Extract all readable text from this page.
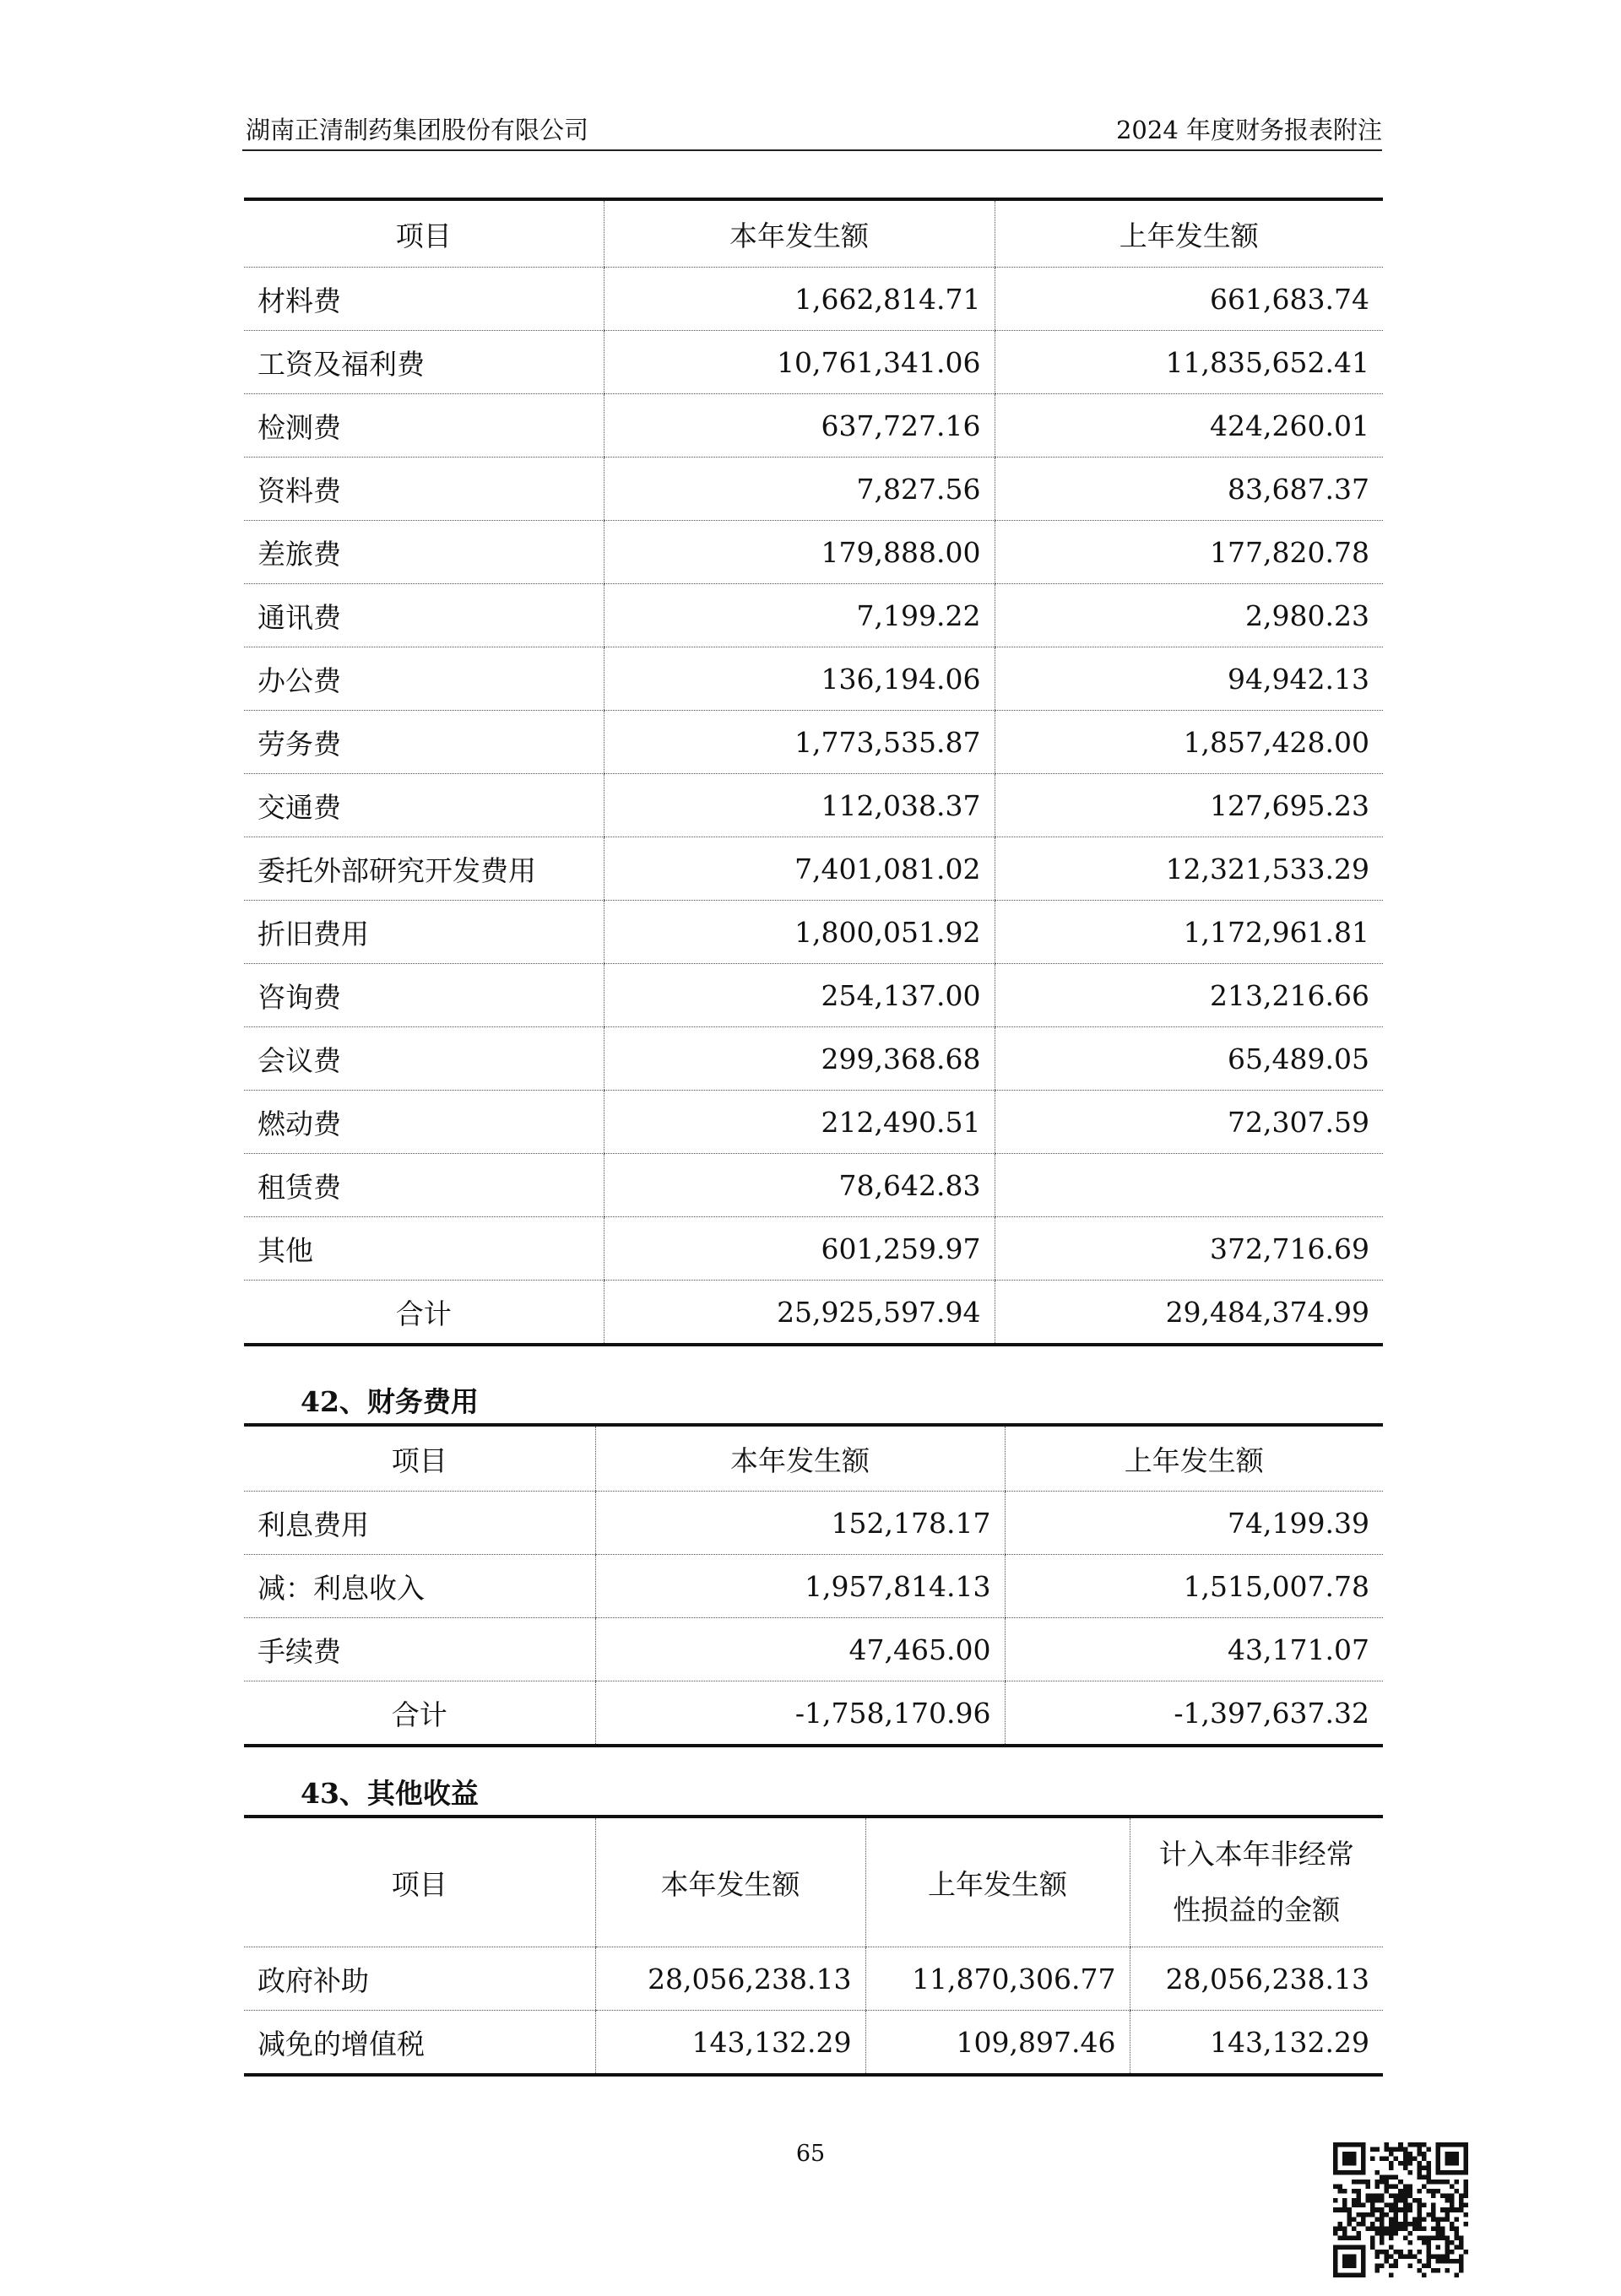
湖南正清制药集团股份有限公司	2024 年度财务报表附注
项目	本年发生额	上年发生额
材料费	1,662,814.71	661,683.74
工资及福利费	10,761,341.06	11,835,652.41
检测费	637,727.16	424,260.01
资料费	7,827.56	83,687.37
差旅费	179,888.00	177,820.78
通讯费	7,199.22	2,980.23
办公费	136,194.06	94,942.13
劳务费	1,773,535.87	1,857,428.00
交通费	112,038.37	127,695.23
委托外部研究开发费用	7,401,081.02	12,321,533.29
折旧费用	1,800,051.92	1,172,961.81
咨询费	254,137.00	213,216.66
会议费	299,368.68	65,489.05
燃动费	212,490.51	72,307.59
租赁费	78,642.83	
其他	601,259.97	372,716.69
合计	25,925,597.94	29,484,374.99
42、财务费用
项目	本年发生额	上年发生额
利息费用	152,178.17	74,199.39
减：利息收入	1,957,814.13	1,515,007.78
手续费	47,465.00	43,171.07
合计	-1,758,170.96	-1,397,637.32
43、其他收益
项目	本年发生额	上年发生额	计入本年非经常
性损益的金额

政府补助	28,056,238.13	11,870,306.77	28,056,238.13
减免的增值税	143,132.29	109,897.46	143,132.29
65
